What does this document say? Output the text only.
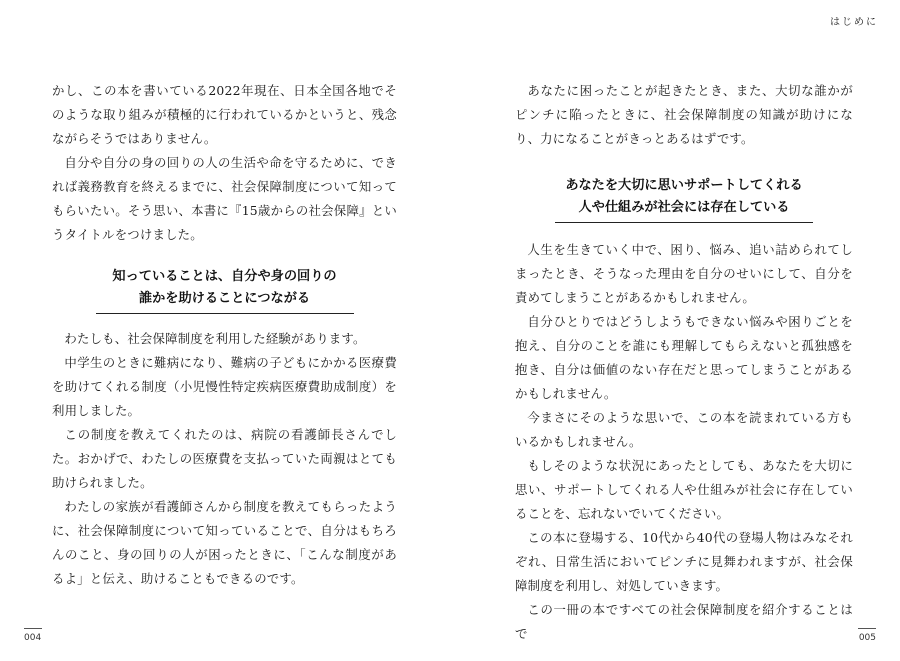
はじめに

かし、この本を書いている2022年現在、日本全国各地でそのような取り組みが積極的に行われているかというと、残念ながらそうではありません。

自分や自分の身の回りの人の生活や命を守るために、できれば義務教育を終えるまでに、社会保障制度について知ってもらいたい。そう思い、本書に『15歳からの社会保障』というタイトルをつけました。

知っていることは、自分や身の回りの
誰かを助けることにつながる

わたしも、社会保障制度を利用した経験があります。

中学生のときに難病になり、難病の子どもにかかる医療費を助けてくれる制度（小児慢性特定疾病医療費助成制度）を利用しました。

この制度を教えてくれたのは、病院の看護師長さんでした。おかげで、わたしの医療費を支払っていた両親はとても助けられました。

わたしの家族が看護師さんから制度を教えてもらったように、社会保障制度について知っていることで、自分はもちろんのこと、身の回りの人が困ったときに、「こんな制度があるよ」と伝え、助けることもできるのです。

あなたに困ったことが起きたとき、また、大切な誰かがピンチに陥ったときに、社会保障制度の知識が助けになり、力になることがきっとあるはずです。

あなたを大切に思いサポートしてくれる
人や仕組みが社会には存在している

人生を生きていく中で、困り、悩み、追い詰められてしまったとき、そうなった理由を自分のせいにして、自分を責めてしまうことがあるかもしれません。

自分ひとりではどうしようもできない悩みや困りごとを抱え、自分のことを誰にも理解してもらえないと孤独感を抱き、自分は価値のない存在だと思ってしまうことがあるかもしれません。

今まさにそのような思いで、この本を読まれている方もいるかもしれません。

もしそのような状況にあったとしても、あなたを大切に思い、サポートしてくれる人や仕組みが社会に存在していることを、忘れないでいてください。

この本に登場する、10代から40代の登場人物はみなそれぞれ、日常生活においてピンチに見舞われますが、社会保障制度を利用し、対処していきます。

この一冊の本ですべての社会保障制度を紹介することはで

004	005
